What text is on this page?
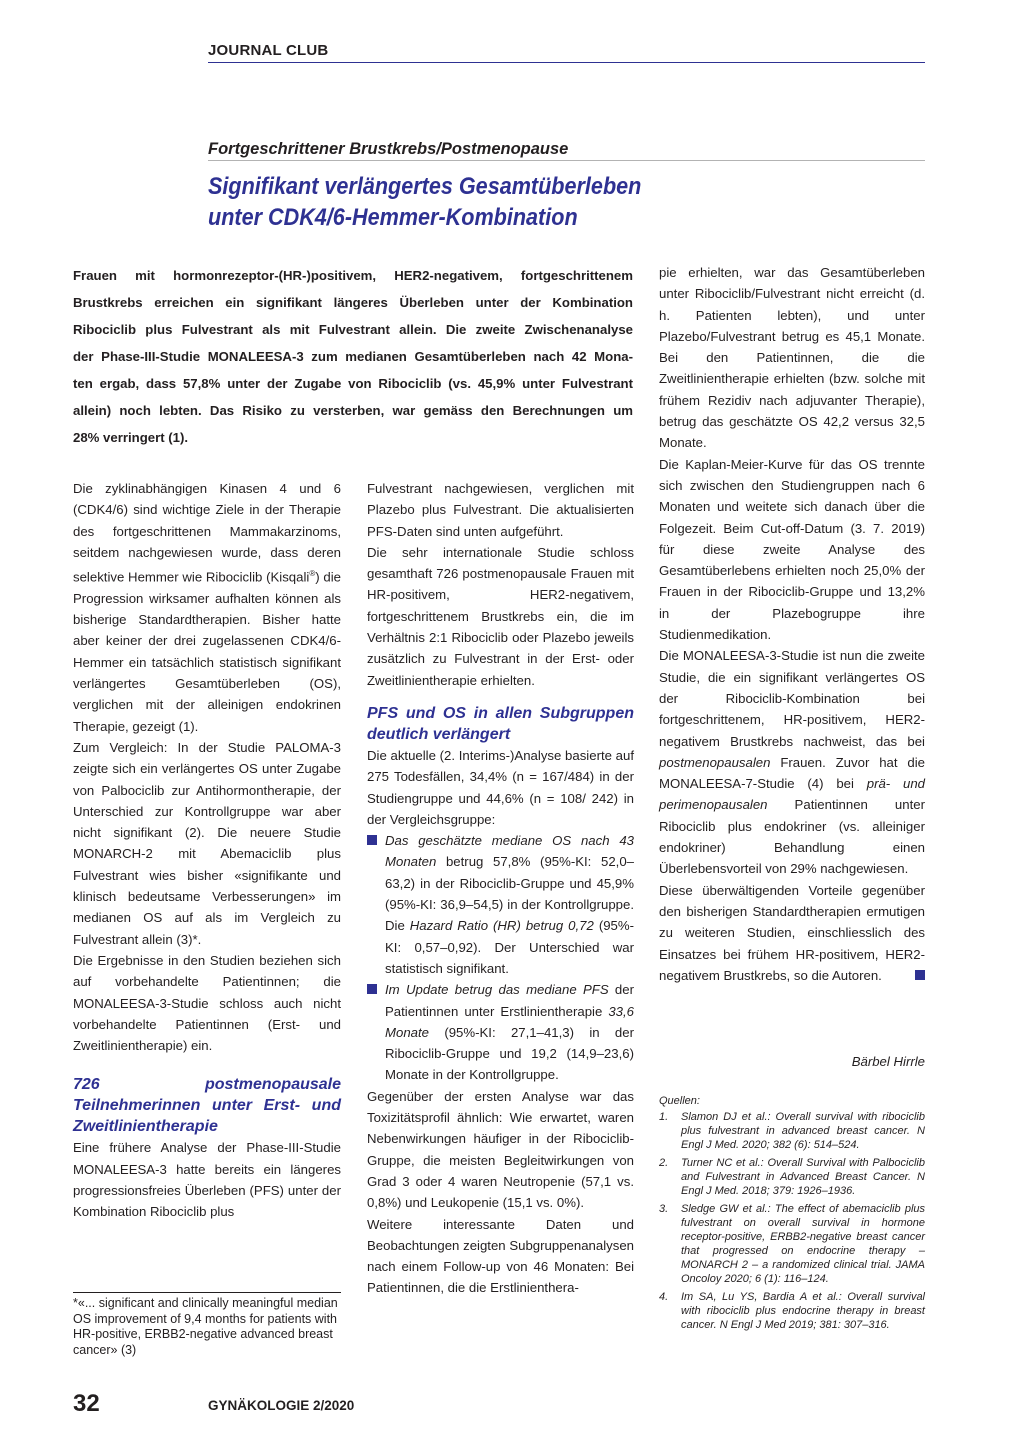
JOURNAL CLUB
Fortgeschrittener Brustkrebs/Postmenopause
Signifikant verlängertes Gesamtüberleben
unter CDK4/6-Hemmer-Kombination
Frauen mit hormonrezeptor-(HR-)positivem, HER2-negativem, fortgeschrittenem
Brustkrebs erreichen ein signifikant längeres Überleben unter der Kombination
Ribociclib plus Fulvestrant als mit Fulvestrant allein. Die zweite Zwischenanalyse
der Phase-III-Studie MONALEESA-3 zum medianen Gesamtüberleben nach 42 Mona-
ten ergab, dass 57,8% unter der Zugabe von Ribociclib (vs. 45,9% unter Fulvestrant
allein) noch lebten. Das Risiko zu versterben, war gemäss den Berechnungen um
28% verringert (1).

Die zyklinabhängigen Kinasen 4 und 6 (CDK4/6) sind wichtige Ziele in der Therapie des fortgeschrittenen Mammakarzinoms, seitdem nachgewiesen wurde, dass deren selektive Hemmer wie Ribociclib (Kisqali®) die Progression wirksamer aufhalten können als bisherige Standardtherapien. Bisher hatte aber keiner der drei zugelassenen CDK4/6-Hemmer ein tatsächlich statistisch signifikant verlängertes Gesamtüberleben (OS), verglichen mit der alleinigen endokrinen Therapie, gezeigt (1).

Zum Vergleich: In der Studie PALOMA-3 zeigte sich ein verlängertes OS unter Zugabe von Palbociclib zur Antihormontherapie, der Unterschied zur Kontrollgruppe war aber nicht signifikant (2). Die neuere Studie MONARCH-2 mit Abemaciclib plus Fulvestrant wies bisher «signifikante und klinisch bedeutsame Verbesserungen» im medianen OS auf als im Vergleich zu Fulvestrant allein (3)*.

Die Ergebnisse in den Studien beziehen sich auf vorbehandelte Patientinnen; die MONALEESA-3-Studie schloss auch nicht vorbehandelte Patientinnen (Erst- und Zweitlinientherapie) ein.

726 postmenopausale Teilnehmerinnen unter Erst- und Zweitlinientherapie

Eine frühere Analyse der Phase-III-Studie MONALEESA-3 hatte bereits ein längeres progressionsfreies Überleben (PFS) unter der Kombination Ribociclib plus

*«... significant and clinically meaningful median OS improvement of 9,4 months for patients with HR-positive, ERBB2-negative advanced breast cancer» (3)

Fulvestrant nachgewiesen, verglichen mit Plazebo plus Fulvestrant. Die aktualisierten PFS-Daten sind unten aufgeführt.

Die sehr internationale Studie schloss gesamthaft 726 postmenopausale Frauen mit HR-positivem, HER2-negativem, fortgeschrittenem Brustkrebs ein, die im Verhältnis 2:1 Ribociclib oder Plazebo jeweils zusätzlich zu Fulvestrant in der Erst- oder Zweitlinientherapie erhielten.

PFS und OS in allen Subgruppen deutlich verlängert

Die aktuelle (2. Interims-)Analyse basierte auf 275 Todesfällen, 34,4% (n = 167/484) in der Studiengruppe und 44,6% (n = 108/ 242) in der Vergleichsgruppe:

Das geschätzte mediane OS nach 43 Monaten betrug 57,8% (95%-KI: 52,0–63,2) in der Ribociclib-Gruppe und 45,9% (95%-KI: 36,9–54,5) in der Kontrollgruppe. Die Hazard Ratio (HR) betrug 0,72 (95%-KI: 0,57–0,92). Der Unterschied war statistisch signifikant.

Im Update betrug das mediane PFS der Patientinnen unter Erstlinientherapie 33,6 Monate (95%-KI: 27,1–41,3) in der Ribociclib-Gruppe und 19,2 (14,9–23,6) Monate in der Kontrollgruppe.

Gegenüber der ersten Analyse war das Toxizitätsprofil ähnlich: Wie erwartet, waren Nebenwirkungen häufiger in der Ribociclib-Gruppe, die meisten Begleitwirkungen von Grad 3 oder 4 waren Neutropenie (57,1 vs. 0,8%) und Leukopenie (15,1 vs. 0%).

Weitere interessante Daten und Beobachtungen zeigten Subgruppenanalysen nach einem Follow-up von 46 Monaten: Bei Patientinnen, die die Erstlinienthera-

pie erhielten, war das Gesamtüberleben unter Ribociclib/Fulvestrant nicht erreicht (d. h. Patienten lebten), und unter Plazebo/Fulvestrant betrug es 45,1 Monate. Bei den Patientinnen, die die Zweitlinientherapie erhielten (bzw. solche mit frühem Rezidiv nach adjuvanter Therapie), betrug das geschätzte OS 42,2 versus 32,5 Monate.

Die Kaplan-Meier-Kurve für das OS trennte sich zwischen den Studiengruppen nach 6 Monaten und weitete sich danach über die Folgezeit. Beim Cut-off-Datum (3. 7. 2019) für diese zweite Analyse des Gesamtüberlebens erhielten noch 25,0% der Frauen in der Ribociclib-Gruppe und 13,2% in der Plazebogruppe ihre Studienmedikation.

Die MONALEESA-3-Studie ist nun die zweite Studie, die ein signifikant verlängertes OS der Ribociclib-Kombination bei fortgeschrittenem, HR-positivem, HER2-negativem Brustkrebs nachweist, das bei postmenopausalen Frauen. Zuvor hat die MONALEESA-7-Studie (4) bei prä- und perimenopausalen Patientinnen unter Ribociclib plus endokriner (vs. alleiniger endokriner) Behandlung einen Überlebensvorteil von 29% nachgewiesen.

Diese überwältigenden Vorteile gegenüber den bisherigen Standardtherapien ermutigen zu weiteren Studien, einschliesslich des Einsatzes bei frühem HR-positivem, HER2-negativem Brustkrebs, so die Autoren.

Bärbel Hirrle

Quellen:

1. Slamon DJ et al.: Overall survival with ribociclib plus fulvestrant in advanced breast cancer. N Engl J Med. 2020; 382 (6): 514–524.

2. Turner NC et al.: Overall Survival with Palbociclib and Fulvestrant in Advanced Breast Cancer. N Engl J Med. 2018; 379: 1926–1936.

3. Sledge GW et al.: The effect of abemaciclib plus fulvestrant on overall survival in hormone receptor-positive, ERBB2-negative breast cancer that progressed on endocrine therapy – MONARCH 2 – a randomized clinical trial. JAMA Oncoloy 2020; 6 (1): 116–124.

4. Im SA, Lu YS, Bardia A et al.: Overall survival with ribociclib plus endocrine therapy in breast cancer. N Engl J Med 2019; 381: 307–316.

32	GYNÄKOLOGIE 2/2020
